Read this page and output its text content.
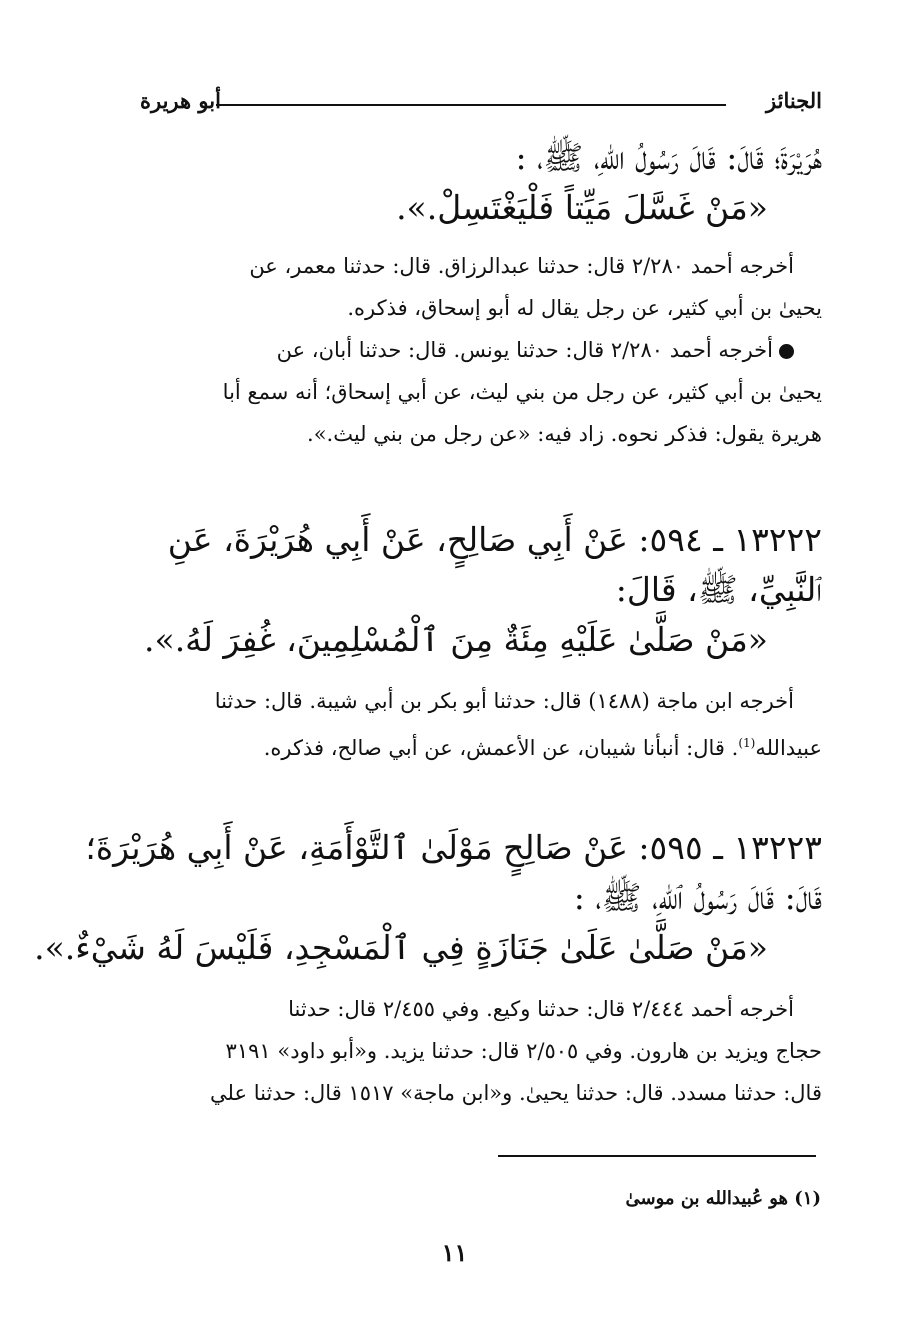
الجنائز
أبو هريرة
هُرَيْرَةَ؛ قَالَ: قَالَ رَسُولُ اللهِ، ﷺ، :
«مَنْ غَسَّلَ مَيِّتاً فَلْيَغْتَسِلْ.».
أخرجه أحمد ٢/٢٨٠ قال: حدثنا عبدالرزاق. قال: حدثنا معمر، عن
يحيىٰ بن أبي كثير، عن رجل يقال له أبو إسحاق، فذكره.
أخرجه أحمد ٢/٢٨٠ قال: حدثنا يونس. قال: حدثنا أبان، عن
يحيىٰ بن أبي كثير، عن رجل من بني ليث، عن أبي إسحاق؛ أنه سمع أبا
هريرة يقول: فذكر نحوه. زاد فيه: «عن رجل من بني ليث.».
١٣٢٢٢ ـ ٥٩٤: عَنْ أَبِي صَالِحٍ، عَنْ أَبِي هُرَيْرَةَ، عَنِ
ٱلنَّبِيِّ، ﷺ، قَالَ:
«مَنْ صَلَّىٰ عَلَيْهِ مِئَةٌ مِنَ ٱلْمُسْلِمِينَ، غُفِرَ لَهُ.».
أخرجه ابن ماجة (١٤٨٨) قال: حدثنا أبو بكر بن أبي شيبة. قال: حدثنا
عبيدالله$^{(1)}$. قال: أنبأنا شيبان، عن الأعمش، عن أبي صالح، فذكره.
١٣٢٢٣ ـ ٥٩٥: عَنْ صَالِحٍ مَوْلَىٰ ٱلتَّوْأَمَةِ، عَنْ أَبِي هُرَيْرَةَ؛
قَالَ: قَالَ رَسُولُ ٱللهِ، ﷺ، :
«مَنْ صَلَّىٰ عَلَىٰ جَنَازَةٍ فِي ٱلْمَسْجِدِ، فَلَيْسَ لَهُ شَيْءٌ.».
أخرجه أحمد ٢/٤٤٤ قال: حدثنا وكيع. وفي ٢/٤٥٥ قال: حدثنا
حجاج ويزيد بن هارون. وفي ٢/٥٠٥ قال: حدثنا يزيد. و«أبو داود» ٣١٩١
قال: حدثنا مسدد. قال: حدثنا يحيىٰ. و«ابن ماجة» ١٥١٧ قال: حدثنا علي
(١) هو عُبيدالله بن موسىٰ
١١
